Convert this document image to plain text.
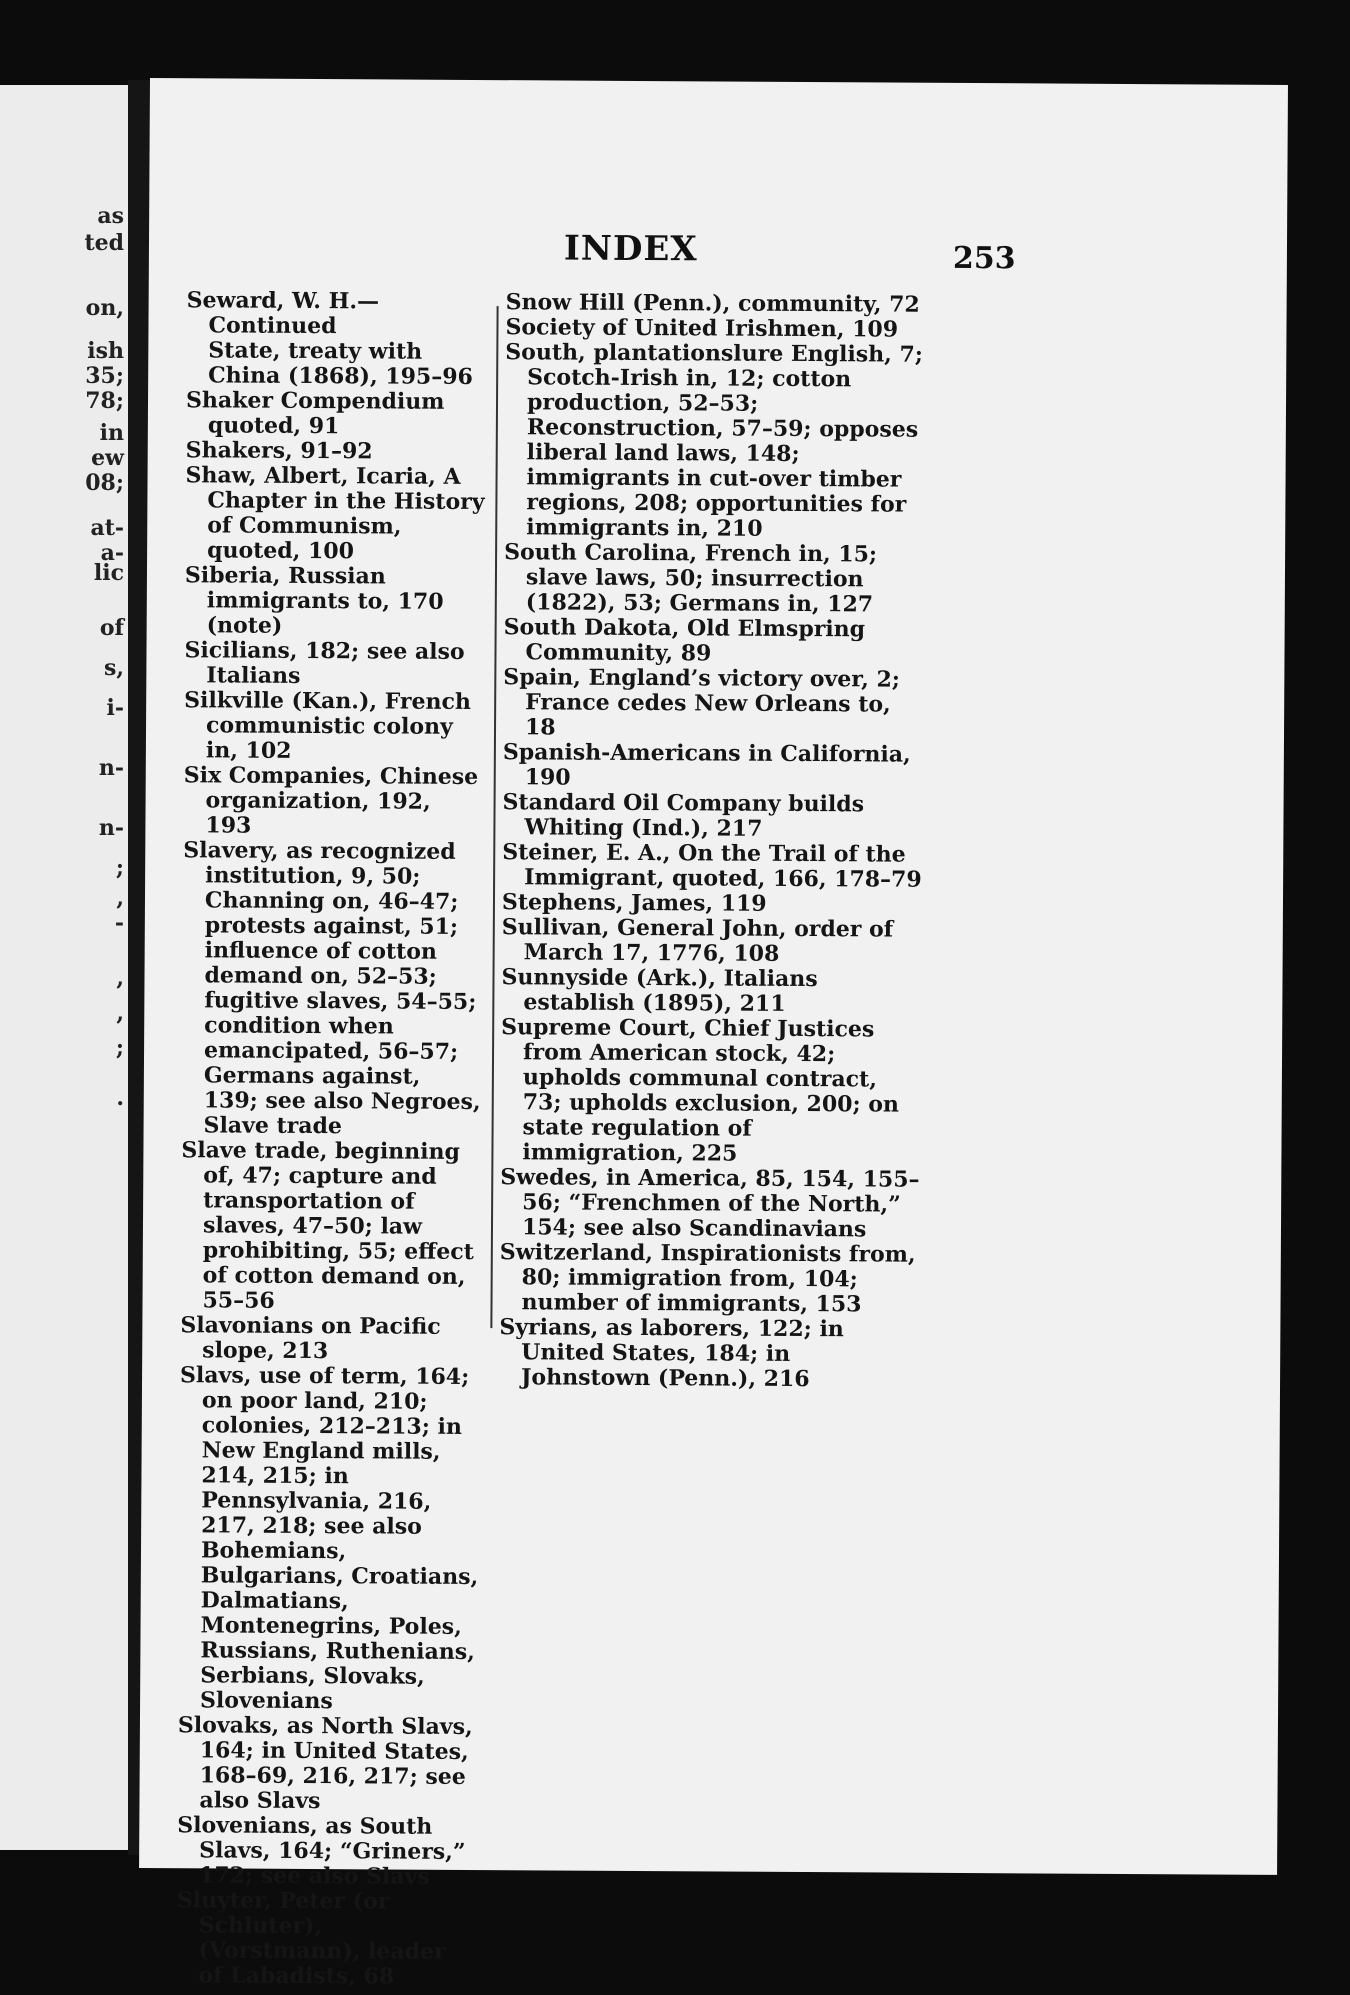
as
ted
on,
ish
35;
78;
in
ew
08;
at-
a-
lic
of
s,
i-
n-
n-
;
,
-
,
,
;
.
INDEX	253

Seward, W. H.—Continued

State, treaty with China (1868), 195–96

Shaker Compendium quoted, 91

Shakers, 91–92

Shaw, Albert, Icaria, A Chapter in the History of Communism, quoted, 100

Siberia, Russian immigrants to, 170 (note)

Sicilians, 182; see also Italians

Silkville (Kan.), French communistic colony in, 102

Six Companies, Chinese organization, 192, 193

Slavery, as recognized institution, 9, 50; Channing on, 46–47; protests against, 51; influence of cotton demand on, 52–53; fugitive slaves, 54–55; condition when emancipated, 56–57; Germans against, 139; see also Negroes, Slave trade

Slave trade, beginning of, 47; capture and transportation of slaves, 47–50; law prohibiting, 55; effect of cotton demand on, 55–56

Slavonians on Pacific slope, 213

Slavs, use of term, 164; on poor land, 210; colonies, 212–213; in New England mills, 214, 215; in Pennsylvania, 216, 217, 218; see also Bohemians, Bulgarians, Croatians, Dalmatians, Montenegrins, Poles, Russians, Ruthenians, Serbians, Slovaks, Slovenians

Slovaks, as North Slavs, 164; in United States, 168–69, 216, 217; see also Slavs

Slovenians, as South Slavs, 164; “Griners,” 172; see also Slavs

Sluyter, Peter (or Schluter), (Vorstmann), leader of Labadists, 68

Snow Hill (Penn.), community, 72

Society of United Irishmen, 109

South, plantationslure English, 7; Scotch-Irish in, 12; cotton production, 52–53; Reconstruction, 57–59; opposes liberal land laws, 148; immigrants in cut-over timber regions, 208; opportunities for immigrants in, 210

South Carolina, French in, 15; slave laws, 50; insurrection (1822), 53; Germans in, 127

South Dakota, Old Elmspring Community, 89

Spain, England’s victory over, 2; France cedes New Orleans to, 18

Spanish-Americans in California, 190

Standard Oil Company builds Whiting (Ind.), 217

Steiner, E. A., On the Trail of the Immigrant, quoted, 166, 178–79

Stephens, James, 119

Sullivan, General John, order of March 17, 1776, 108

Sunnyside (Ark.), Italians establish (1895), 211

Supreme Court, Chief Justices from American stock, 42; upholds communal contract, 73; upholds exclusion, 200; on state regulation of immigration, 225

Swedes, in America, 85, 154, 155–56; “Frenchmen of the North,” 154; see also Scandinavians

Switzerland, Inspirationists from, 80; immigration from, 104; number of immigrants, 153

Syrians, as laborers, 122; in United States, 184; in Johnstown (Penn.), 216
